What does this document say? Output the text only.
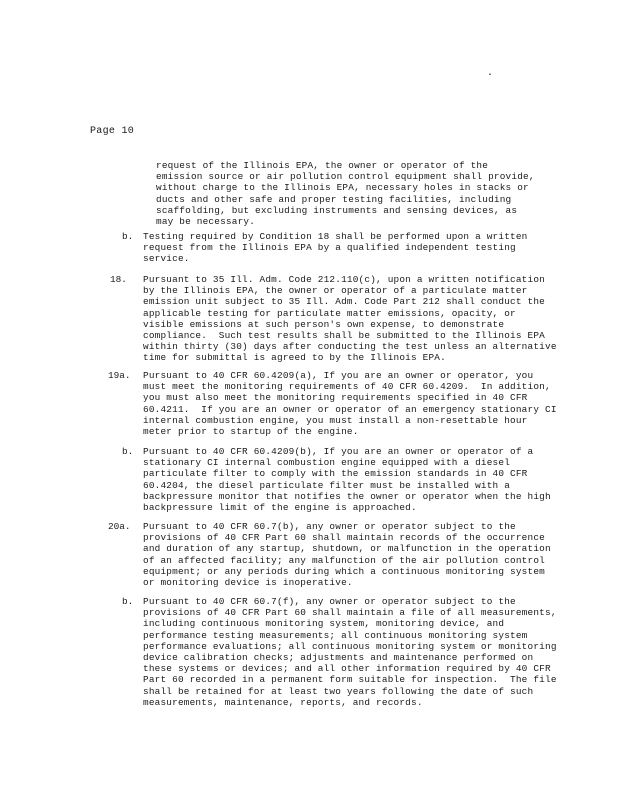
.
Page 10
request of the Illinois EPA, the owner or operator of the
emission source or air pollution control equipment shall provide,
without charge to the Illinois EPA, necessary holes in stacks or
ducts and other safe and proper testing facilities, including
scaffolding, but excluding instruments and sensing devices, as
may be necessary.
b. Testing required by Condition 18 shall be performed upon a written
request from the Illinois EPA by a qualified independent testing
service.
18. Pursuant to 35 Ill. Adm. Code 212.110(c), upon a written notification
by the Illinois EPA, the owner or operator of a particulate matter
emission unit subject to 35 Ill. Adm. Code Part 212 shall conduct the
applicable testing for particulate matter emissions, opacity, or
visible emissions at such person's own expense, to demonstrate
compliance.  Such test results shall be submitted to the Illinois EPA
within thirty (30) days after conducting the test unless an alternative
time for submittal is agreed to by the Illinois EPA.
19a. Pursuant to 40 CFR 60.4209(a), If you are an owner or operator, you
must meet the monitoring requirements of 40 CFR 60.4209.  In addition,
you must also meet the monitoring requirements specified in 40 CFR
60.4211.  If you are an owner or operator of an emergency stationary CI
internal combustion engine, you must install a non-resettable hour
meter prior to startup of the engine.
b. Pursuant to 40 CFR 60.4209(b), If you are an owner or operator of a
stationary CI internal combustion engine equipped with a diesel
particulate filter to comply with the emission standards in 40 CFR
60.4204, the diesel particulate filter must be installed with a
backpressure monitor that notifies the owner or operator when the high
backpressure limit of the engine is approached.
20a. Pursuant to 40 CFR 60.7(b), any owner or operator subject to the
provisions of 40 CFR Part 60 shall maintain records of the occurrence
and duration of any startup, shutdown, or malfunction in the operation
of an affected facility; any malfunction of the air pollution control
equipment; or any periods during which a continuous monitoring system
or monitoring device is inoperative.
b. Pursuant to 40 CFR 60.7(f), any owner or operator subject to the
provisions of 40 CFR Part 60 shall maintain a file of all measurements,
including continuous monitoring system, monitoring device, and
performance testing measurements; all continuous monitoring system
performance evaluations; all continuous monitoring system or monitoring
device calibration checks; adjustments and maintenance performed on
these systems or devices; and all other information required by 40 CFR
Part 60 recorded in a permanent form suitable for inspection.  The file
shall be retained for at least two years following the date of such
measurements, maintenance, reports, and records.
